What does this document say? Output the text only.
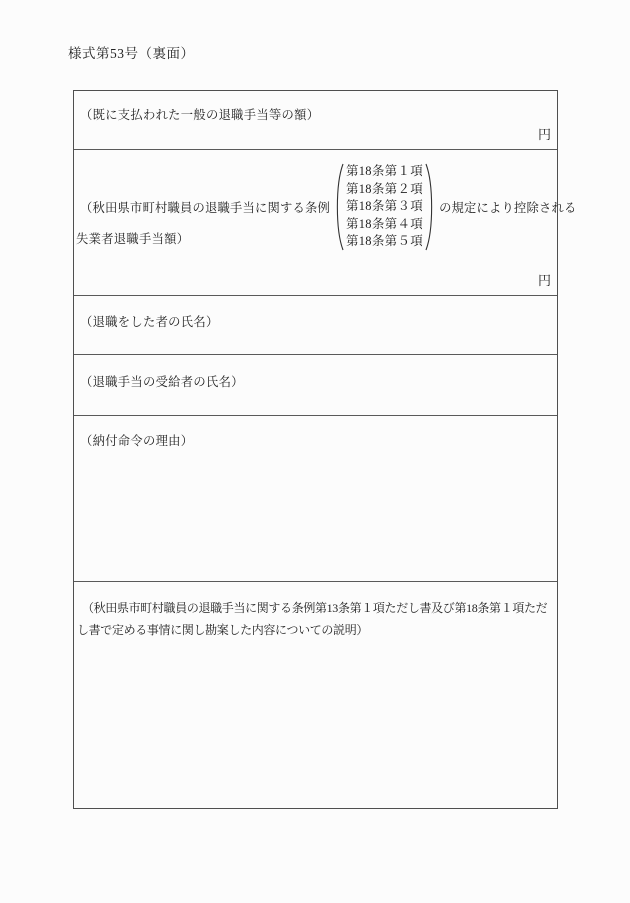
様式第53号（裏面）
（既に支払われた一般の退職手当等の額）
円
（秋田県市町村職員の退職手当に関する条例
第18条第１項
第18条第２項
第18条第３項
第18条第４項
第18条第５項
の規定により控除される
失業者退職手当額）
円
（退職をした者の氏名）
（退職手当の受給者の氏名）
（納付命令の理由）
（秋田県市町村職員の退職手当に関する条例第13条第１項ただし書及び第18条第１項ただし書で定める事情に関し勘案した内容についての説明）
